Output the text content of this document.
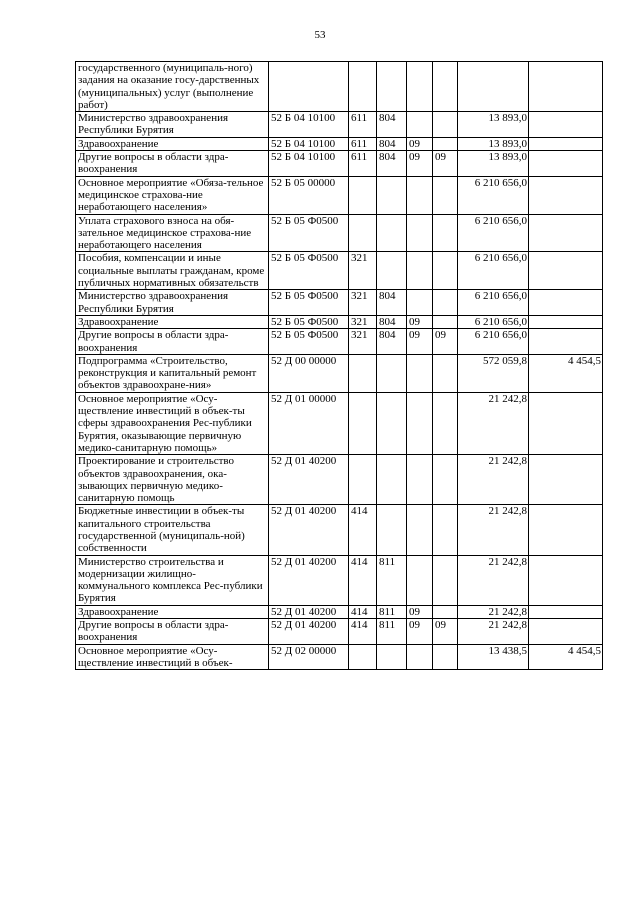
53
государственного (муниципаль-ного) задания на оказание госу-дарственных (муниципальных) услуг (выполнение работ)							
Министерство здравоохранения Республики Бурятия	52 Б 04 10100	611	804			13 893,0	
Здравоохранение	52 Б 04 10100	611	804	09		13 893,0	
Другие вопросы в области здра-воохранения	52 Б 04 10100	611	804	09	09	13 893,0	
Основное мероприятие «Обяза-тельное медицинское страхова-ние неработающего населения»	52 Б 05 00000					6 210 656,0	
Уплата страхового взноса на обя-зательное медицинское страхова-ние неработающего населения	52 Б 05 Ф0500					6 210 656,0	
Пособия, компенсации и иные социальные выплаты гражданам, кроме публичных нормативных обязательств	52 Б 05 Ф0500	321				6 210 656,0	
Министерство здравоохранения Республики Бурятия	52 Б 05 Ф0500	321	804			6 210 656,0	
Здравоохранение	52 Б 05 Ф0500	321	804	09		6 210 656,0	
Другие вопросы в области здра-воохранения	52 Б 05 Ф0500	321	804	09	09	6 210 656,0	
Подпрограмма «Строительство, реконструкция и капитальный ремонт объектов здравоохране-ния»	52 Д 00 00000					572 059,8	4 454,5
Основное мероприятие «Осу-ществление инвестиций в объек-ты сферы здравоохранения Рес-публики Бурятия, оказывающие первичную медико-санитарную помощь»	52 Д 01 00000					21 242,8	
Проектирование и строительство объектов здравоохранения, ока-зывающих первичную медико-санитарную помощь	52 Д 01 40200					21 242,8	
Бюджетные инвестиции в объек-ты капитального строительства государственной (муниципаль-ной) собственности	52 Д 01 40200	414				21 242,8	
Министерство строительства и модернизации жилищно-коммунального комплекса Рес-публики Бурятия	52 Д 01 40200	414	811			21 242,8	
Здравоохранение	52 Д 01 40200	414	811	09		21 242,8	
Другие вопросы в области здра-воохранения	52 Д 01 40200	414	811	09	09	21 242,8	
Основное мероприятие «Осу-ществление инвестиций в объек-	52 Д 02 00000					13 438,5	4 454,5
